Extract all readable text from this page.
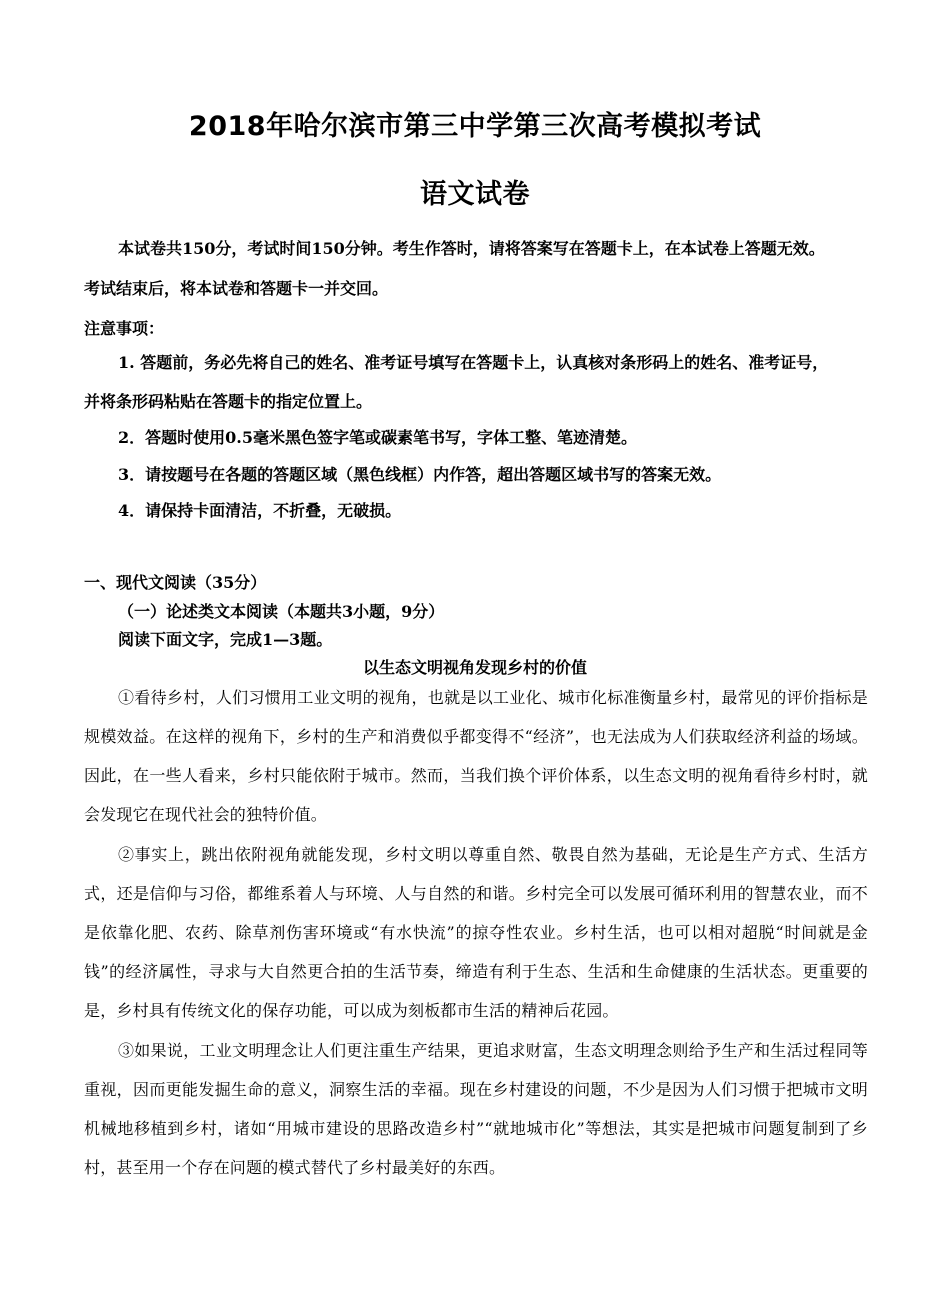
2018年哈尔滨市第三中学第三次高考模拟考试
语文试卷
本试卷共150分，考试时间150分钟。考生作答时，请将答案写在答题卡上，在本试卷上答题无效。
考试结束后，将本试卷和答题卡一并交回。
注意事项：
1. 答题前，务必先将自己的姓名、准考证号填写在答题卡上，认真核对条形码上的姓名、准考证号，
并将条形码粘贴在答题卡的指定位置上。
2．答题时使用0.5毫米黑色签字笔或碳素笔书写，字体工整、笔迹清楚。
3．请按题号在各题的答题区域（黑色线框）内作答，超出答题区域书写的答案无效。
4．请保持卡面清洁，不折叠，无破损。
一、现代文阅读（35分）
（一）论述类文本阅读（本题共3小题，9分）
阅读下面文字，完成1—3题。
以生态文明视角发现乡村的价值
①看待乡村，人们习惯用工业文明的视角，也就是以工业化、城市化标准衡量乡村，最常见的评价指标是规模效益。在这样的视角下，乡村的生产和消费似乎都变得不“经济”，也无法成为人们获取经济利益的场域。因此，在一些人看来，乡村只能依附于城市。然而，当我们换个评价体系，以生态文明的视角看待乡村时，就会发现它在现代社会的独特价值。
②事实上，跳出依附视角就能发现，乡村文明以尊重自然、敬畏自然为基础，无论是生产方式、生活方式，还是信仰与习俗，都维系着人与环境、人与自然的和谐。乡村完全可以发展可循环利用的智慧农业，而不是依靠化肥、农药、除草剂伤害环境或“有水快流”的掠夺性农业。乡村生活，也可以相对超脱“时间就是金钱”的经济属性，寻求与大自然更合拍的生活节奏，缔造有利于生态、生活和生命健康的生活状态。更重要的是，乡村具有传统文化的保存功能，可以成为刻板都市生活的精神后花园。
③如果说，工业文明理念让人们更注重生产结果，更追求财富，生态文明理念则给予生产和生活过程同等重视，因而更能发掘生命的意义，洞察生活的幸福。现在乡村建设的问题，不少是因为人们习惯于把城市文明机械地移植到乡村，诸如“用城市建设的思路改造乡村”“就地城市化”等想法，其实是把城市问题复制到了乡村，甚至用一个存在问题的模式替代了乡村最美好的东西。
